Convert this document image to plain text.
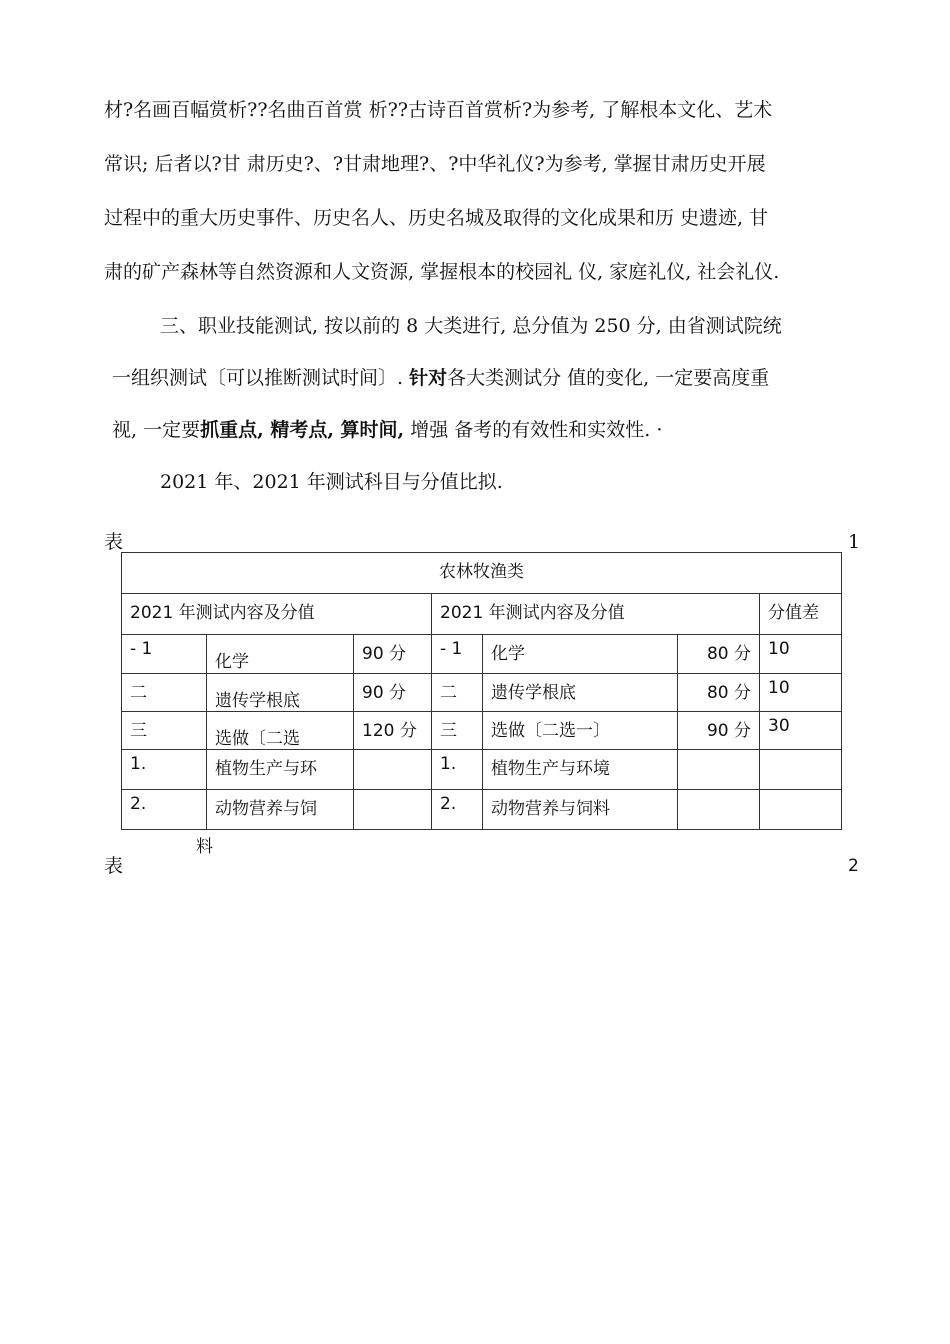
材?名画百幅赏析??名曲百首赏 析??古诗百首赏析?为参考, 了解根本文化、艺术
常识; 后者以?甘 肃历史?、?甘肃地理?、?中华礼仪?为参考, 掌握甘肃历史开展
过程中的重大历史事件、历史名人、历史名城及取得的文化成果和历 史遗迹, 甘
肃的矿产森林等自然资源和人文资源, 掌握根本的校园礼 仪, 家庭礼仪, 社会礼仪.
三、职业技能测试, 按以前的 8 大类进行, 总分值为 250 分, 由省测试院统
一组织测试〔可以推断测试时间〕. 针对各大类测试分 值的变化, 一定要高度重
视, 一定要抓重点, 精考点, 算时间, 增强 备考的有效性和实效性. ·
2021 年、2021 年测试科目与分值比拟.
表	1
农林牧渔类						
2021 年测试内容及分值			2021 年测试内容及分值			分值差
- 1	化学	90 分	- 1	化学	80 分	10
二	遗传学根底	90 分	二	遗传学根底	80 分	10
三	选做〔二选	120 分	三	选做〔二选一〕	90 分	30
1.	植物生产与环		1.	植物生产与环境		
2.	动物营养与饲		2.	动物营养与饲料		
料
表	2
